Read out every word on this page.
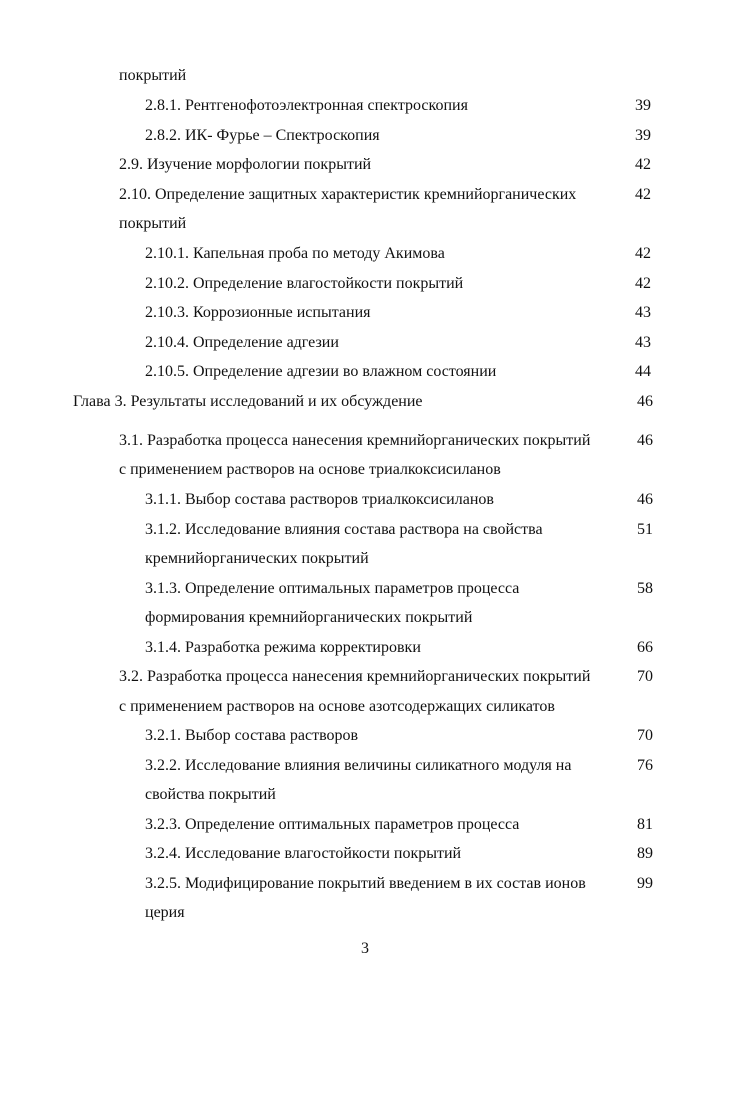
покрытий
2.8.1. Рентгенофотоэлектронная спектроскопия	39
2.8.2. ИК- Фурье – Спектроскопия	39
2.9. Изучение морфологии покрытий	42
2.10. Определение защитных характеристик кремнийорганических	42
покрытий
2.10.1. Капельная проба по методу Акимова	42
2.10.2. Определение влагостойкости покрытий	42
2.10.3. Коррозионные испытания	43
2.10.4. Определение адгезии	43
2.10.5. Определение адгезии во влажном состоянии	44
Глава 3. Результаты исследований и их обсуждение	46
3.1. Разработка процесса нанесения кремнийорганических покрытий	46
с применением растворов на основе триалкоксисиланов
3.1.1. Выбор состава растворов триалкоксисиланов	46
3.1.2. Исследование влияния состава раствора на свойства	51
кремнийорганических покрытий
3.1.3. Определение оптимальных параметров процесса	58
формирования кремнийорганических покрытий
3.1.4. Разработка режима корректировки	66
3.2. Разработка процесса нанесения кремнийорганических покрытий	70
с применением растворов на основе азотсодержащих силикатов
3.2.1. Выбор состава растворов	70
3.2.2. Исследование влияния величины силикатного модуля на	76
свойства покрытий
3.2.3. Определение оптимальных параметров процесса	81
3.2.4. Исследование влагостойкости покрытий	89
3.2.5. Модифицирование покрытий введением в их состав ионов	99
церия
3
